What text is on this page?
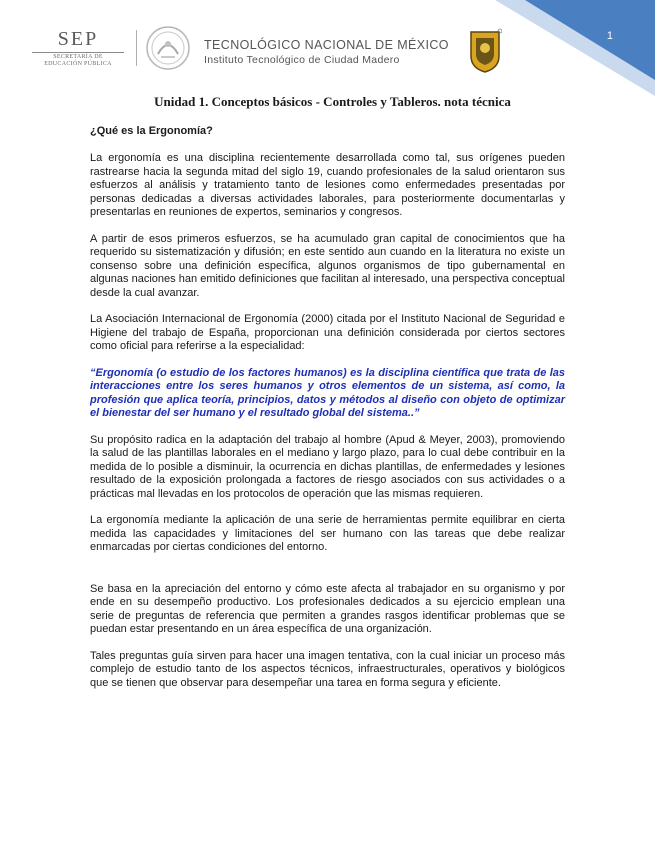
1
SEP
SECRETARÍA DE
EDUCACIÓN PÚBLICA
TECNOLÓGICO NACIONAL DE MÉXICO
Instituto Tecnológico de Ciudad Madero
Unidad 1. Conceptos básicos - Controles y Tableros. nota técnica
¿Qué es la Ergonomía?

La ergonomía es una disciplina recientemente desarrollada como tal, sus orígenes pueden rastrearse hacia la segunda mitad del siglo 19, cuando profesionales de la salud orientaron sus esfuerzos al análisis y tratamiento tanto de lesiones como enfermedades presentadas por personas dedicadas a diversas actividades laborales, para posteriormente documentarlas y presentarlas en reuniones de expertos, seminarios y congresos.

A partir de esos primeros esfuerzos, se ha acumulado gran capital de conocimientos que ha requerido su sistematización y difusión; en este sentido aun cuando en la literatura no existe un consenso sobre una definición específica, algunos organismos de tipo gubernamental en algunas naciones han emitido definiciones que facilitan al interesado, una perspectiva conceptual desde la cual avanzar.

La Asociación Internacional de Ergonomía (2000) citada por el Instituto Nacional de Seguridad e Higiene del trabajo de España, proporcionan una definición considerada por ciertos sectores como oficial para referirse a la especialidad:

“Ergonomía (o estudio de los factores humanos) es la disciplina científica que trata de las interacciones entre los seres humanos y otros elementos de un sistema, así como, la profesión que aplica teoría, principios, datos y métodos al diseño con objeto de optimizar el bienestar del ser humano y el resultado global del sistema..”

Su propósito radica en la adaptación del trabajo al hombre (Apud & Meyer, 2003), promoviendo la salud de las plantillas laborales en el mediano y largo plazo, para lo cual debe contribuir en la medida de lo posible a disminuir, la ocurrencia en dichas plantillas, de enfermedades y lesiones resultado de la exposición prolongada a factores de riesgo asociados con sus actividades o a prácticas mal llevadas en los protocolos de operación que las mismas requieren.

La ergonomía mediante la aplicación de una serie de herramientas permite equilibrar en cierta medida las capacidades y limitaciones del ser humano con las tareas que debe realizar enmarcadas por ciertas condiciones del entorno.

Se basa en la apreciación del entorno y cómo este afecta al trabajador en su organismo y por ende en su desempeño productivo. Los profesionales dedicados a su ejercicio emplean una serie de preguntas de referencia que permiten a grandes rasgos identificar problemas que se puedan estar presentando en un área específica de una organización.

Tales preguntas guía sirven para hacer una imagen tentativa, con la cual iniciar un proceso más complejo de estudio tanto de los aspectos técnicos, infraestructurales, operativos y biológicos que se tienen que observar para desempeñar una tarea en forma segura y eficiente.
